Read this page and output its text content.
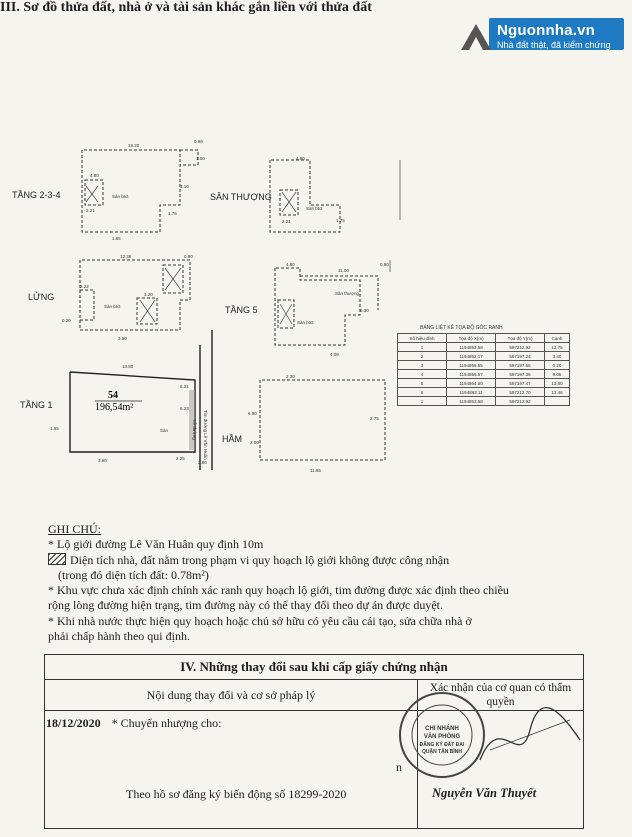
III. Sơ đồ thửa đất, nhà ở và tài sản khác gắn liền với thửa đất
Nguonnha.vn
Nhà đất thật, đã kiểm chứng
TẦNG 2-3-4	SÂN THƯỢNG
LỬNG
TẦNG 5
TẦNG 1
HẦM
Sàn btct
Sàn btct
Sàn btct
Sàn btct
Sân thượng
54
196,54m²
Sàn	Lề đường Tim đường Lê Văn Huân
18.20
0.90
1.00
4.80
3.10
2.21
1.85
1.75
4.80
2.21	1.75
12.36	0.90
2.22
3.20
0.20
3.90
4.80
11.00
0.90
5.30
4.00
13.80
6.31
6.23
3.60	2.25
2.80
1.65
2.30
6.90
2.00
11.85
2.75
BẢNG LIỆT KÊ TỌA ĐỘ GÓC RANH
Số hiệu đỉnh	Tọa độ X(m)	Tọa độ Y(m)	Cạnh
1	1194853.58	597212.92	13.75
2	1194852.17	597197.24	3.40
3	1194855.55	597197.56	0.20
4	1194855.57	597197.36	9.05
5	1194864.60	597197.47	13.80
6	1194863.11	597212.70	13.46
1	1194853.58	597212.92	
GHI CHÚ:
* Lộ giới đường Lê Văn Huân quy định 10m
Diện tích nhà, đất nằm trong phạm vi quy hoạch lộ giới không được công nhận
(trong đó diện tích đất: 0.78m²)
* Khu vực chưa xác định chính xác ranh quy hoạch lộ giới, tim đường được xác định theo chiều
rộng lòng đường hiện trạng, tim đường này có thể thay đổi theo dự án được duyệt.
* Khi nhà nước thực hiện quy hoạch hoặc chủ sở hữu có yêu cầu cải tạo, sửa chữa nhà ở
phải chấp hành theo qui định.
IV. Những thay đổi sau khi cấp giấy chứng nhận	
Nội dung thay đổi và cơ sở pháp lý	Xác nhận của cơ quan có thẩm quyền

18/12/2020 * Chuyển nhượng cho:	

n
Theo hồ sơ đăng ký biến động số 18299-2020
CHI NHÁNH
VĂN PHÒNG
ĐĂNG KÝ ĐẤT ĐAI
QUẬN TÂN BÌNH
Nguyễn Văn Thuyết
